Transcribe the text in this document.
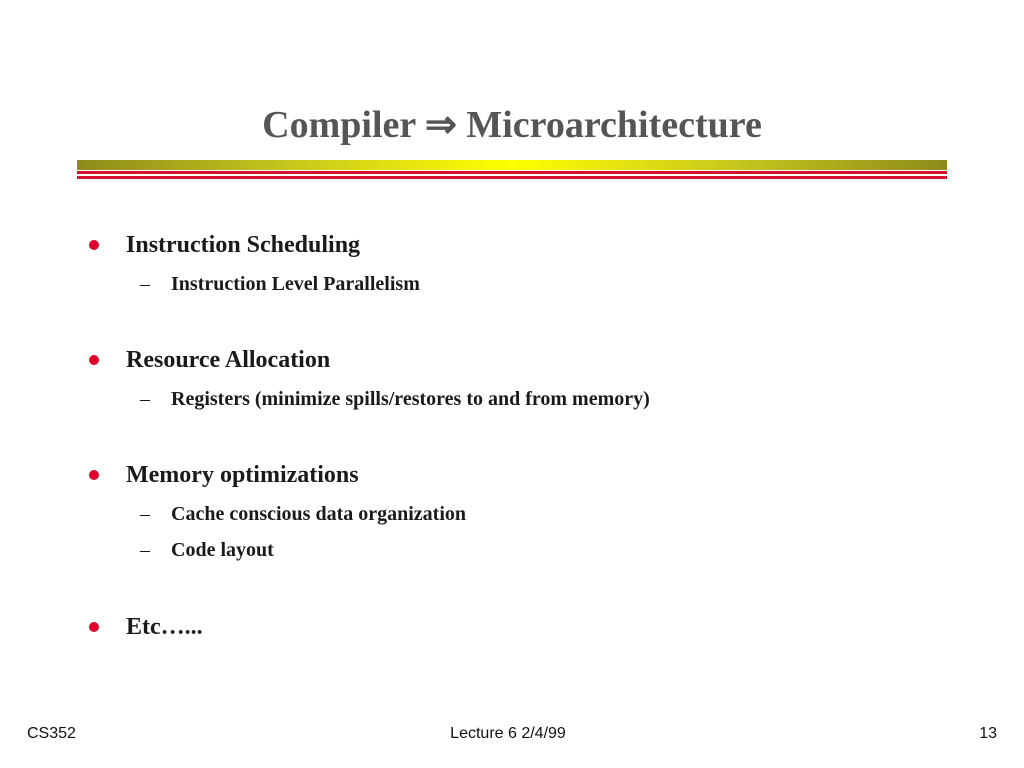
Compiler ⇒ Microarchitecture
Instruction Scheduling
– Instruction Level Parallelism
Resource Allocation
– Registers (minimize spills/restores to and from memory)
Memory optimizations
– Cache conscious data organization
– Code layout
Etc…...
CS352	Lecture 6 2/4/99	13
